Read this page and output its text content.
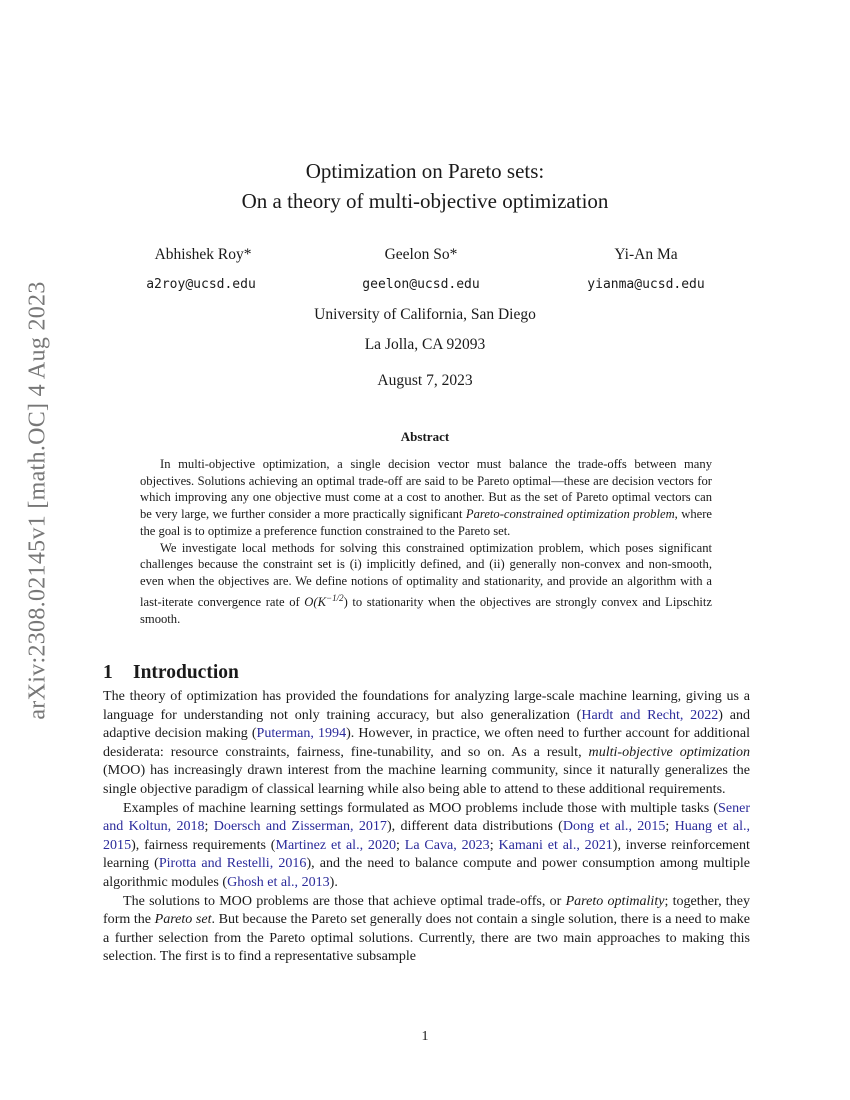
arXiv:2308.02145v1 [math.OC] 4 Aug 2023
Optimization on Pareto sets:
On a theory of multi-objective optimization
Abhishek Roy*	Geelon So*	Yi-An Ma
a2roy@ucsd.edu	geelon@ucsd.edu	yianma@ucsd.edu
University of California, San Diego
La Jolla, CA 92093
August 7, 2023
Abstract

In multi-objective optimization, a single decision vector must balance the trade-offs between many objectives. Solutions achieving an optimal trade-off are said to be Pareto optimal—these are decision vectors for which improving any one objective must come at a cost to another. But as the set of Pareto optimal vectors can be very large, we further consider a more practically significant Pareto-constrained optimization problem, where the goal is to optimize a preference function constrained to the Pareto set.

We investigate local methods for solving this constrained optimization problem, which poses significant challenges because the constraint set is (i) implicitly defined, and (ii) generally non-convex and non-smooth, even when the objectives are. We define notions of optimality and stationarity, and provide an algorithm with a last-iterate convergence rate of $O(K^{-1/2})$ to stationarity when the objectives are strongly convex and Lipschitz smooth.

1 Introduction

The theory of optimization has provided the foundations for analyzing large-scale machine learning, giving us a language for understanding not only training accuracy, but also generalization (Hardt and Recht, 2022) and adaptive decision making (Puterman, 1994). However, in practice, we often need to further account for additional desiderata: resource constraints, fairness, fine-tunability, and so on. As a result, multi-objective optimization (MOO) has increasingly drawn interest from the machine learning community, since it naturally generalizes the single objective paradigm of classical learning while also being able to attend to these additional requirements.

Examples of machine learning settings formulated as MOO problems include those with multiple tasks (Sener and Koltun, 2018; Doersch and Zisserman, 2017), different data distributions (Dong et al., 2015; Huang et al., 2015), fairness requirements (Martinez et al., 2020; La Cava, 2023; Kamani et al., 2021), inverse reinforcement learning (Pirotta and Restelli, 2016), and the need to balance compute and power consumption among multiple algorithmic modules (Ghosh et al., 2013).

The solutions to MOO problems are those that achieve optimal trade-offs, or Pareto optimality; together, they form the Pareto set. But because the Pareto set generally does not contain a single solution, there is a need to make a further selection from the Pareto optimal solutions. Currently, there are two main approaches to making this selection. The first is to find a representative subsample

1
